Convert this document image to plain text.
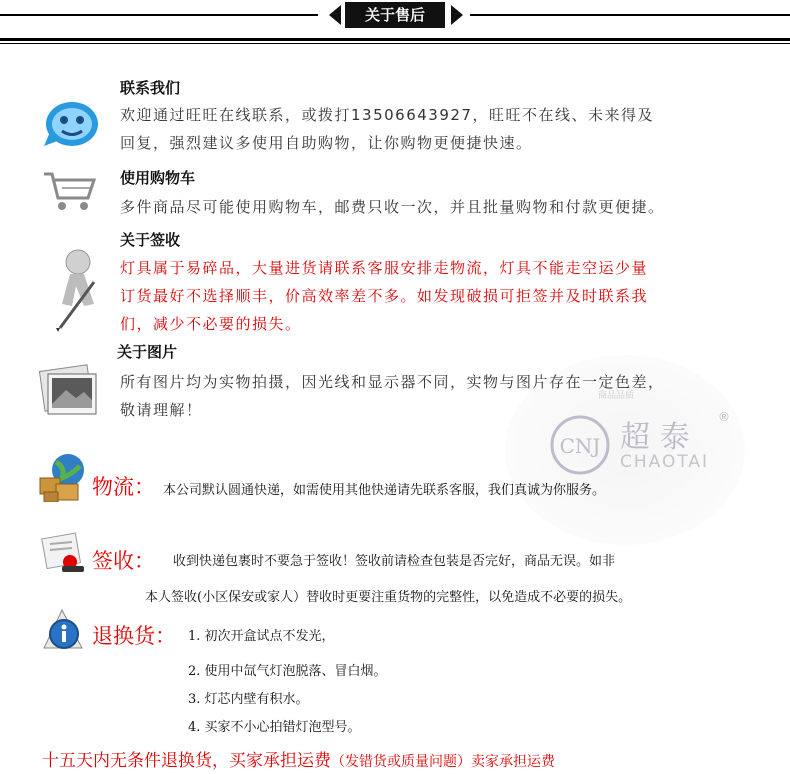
关于售后
商品品质
CNJ 超 泰
®
CHAOTAI
联系我们
欢迎通过旺旺在线联系，或拨打13506643927，旺旺不在线、未来得及
回复，强烈建议多使用自助购物，让你购物更便捷快速。
使用购物车
多件商品尽可能使用购物车，邮费只收一次，并且批量购物和付款更便捷。
关于签收
灯具属于易碎品，大量进货请联系客服安排走物流，灯具不能走空运少量
订货最好不选择顺丰，价高效率差不多。如发现破损可拒签并及时联系我
们，减少不必要的损失。
关于图片
所有图片均为实物拍摄，因光线和显示器不同，实物与图片存在一定色差，
敬请理解！
物流： 本公司默认圆通快递，如需使用其他快递请先联系客服，我们真诚为你服务。
签收： 收到快递包裹时不要急于签收！签收前请检查包装是否完好，商品无误。如非
本人签收(小区保安或家人）替收时更要注重货物的完整性，以免造成不必要的损失。
退换货： 1. 初次开盒试点不发光，
2. 使用中氙气灯泡脱落、冒白烟。
3. 灯芯内壁有积水。
4. 买家不小心拍错灯泡型号。
十五天内无条件退换货，买家承担运费（发错货或质量问题）卖家承担运费
